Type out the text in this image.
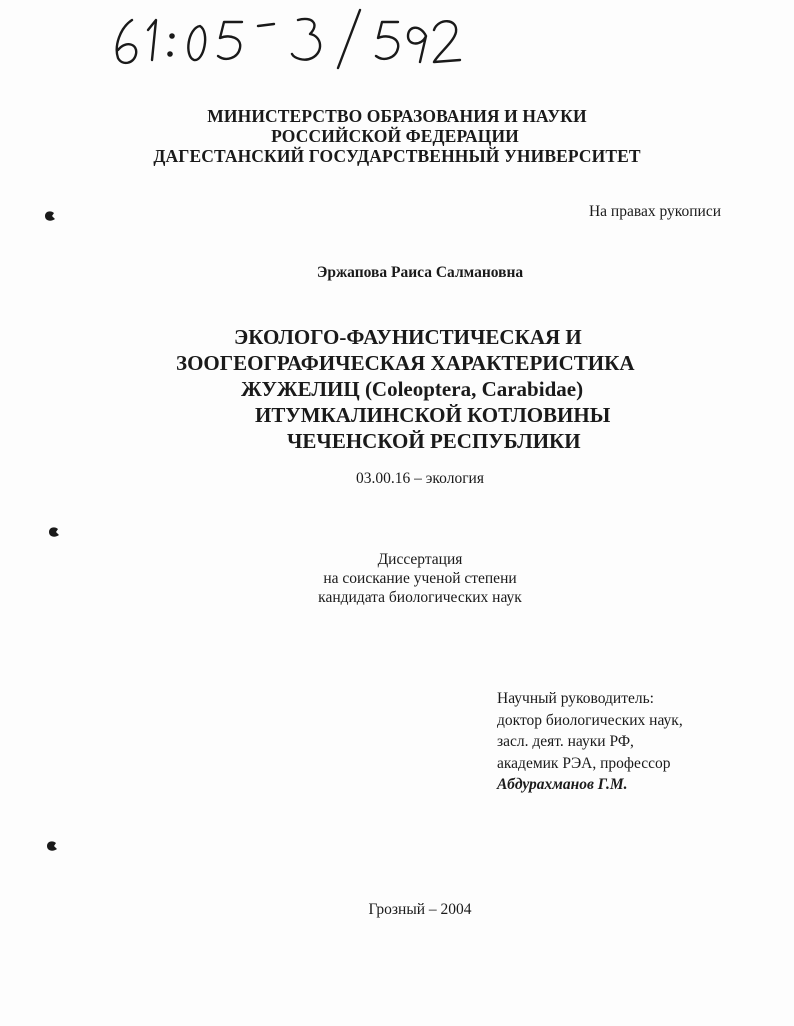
МИНИСТЕРСТВО ОБРАЗОВАНИЯ И НАУКИ
РОССИЙСКОЙ ФЕДЕРАЦИИ
ДАГЕСТАНСКИЙ ГОСУДАРСТВЕННЫЙ УНИВЕРСИТЕТ
На правах рукописи
Эржапова Раиса Салмановна
ЭКОЛОГО-ФАУНИСТИЧЕСКАЯ И
ЗООГЕОГРАФИЧЕСКАЯ ХАРАКТЕРИСТИКА
ЖУЖЕЛИЦ (Coleoptera, Carabidae)
ИТУМКАЛИНСКОЙ КОТЛОВИНЫ
ЧЕЧЕНСКОЙ РЕСПУБЛИКИ
03.00.16 – экология
Диссертация
на соискание ученой степени
кандидата биологических наук
Научный руководитель:
доктор биологических наук,
засл. деят. науки РФ,
академик РЭА, профессор
Абдурахманов Г.М.
Грозный – 2004
